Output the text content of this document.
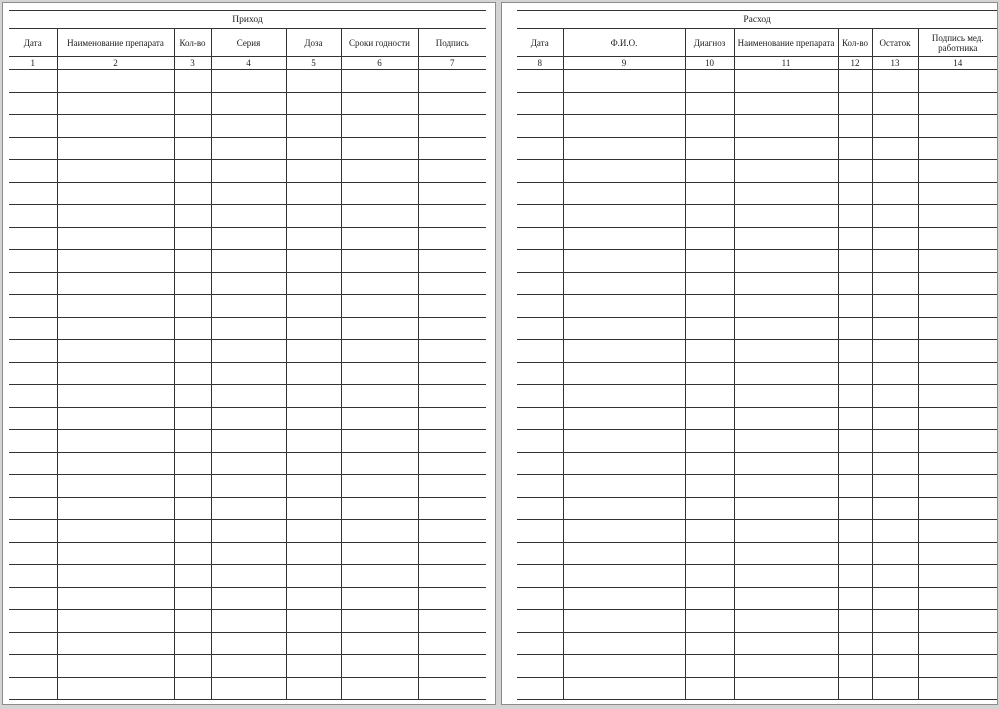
Приход						
Дата	Наименование препарата	Кол-во	Серия	Доза	Сроки годности	Подпись
1	2	3	4	5	6	7

Расход						
Дата	Ф.И.О.	Диагноз	Наименование препарата	Кол-во	Остаток	Подпись мед. работника
8	9	10	11	12	13	14
